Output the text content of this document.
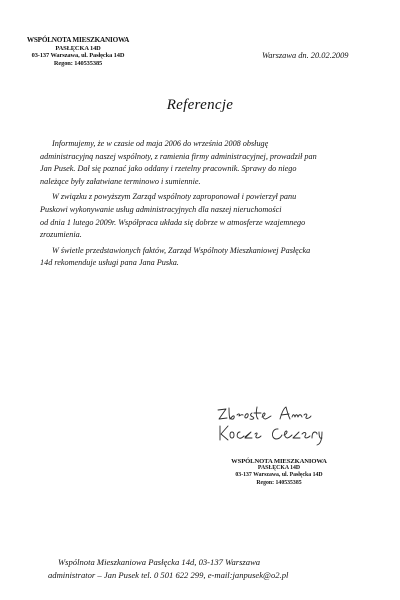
WSPÓLNOTA MIESZKANIOWA
PASŁĘCKA 14D
03-137 Warszawa, ul. Pasłęcka 14D
Regon: 140535385
Warszawa dn. 20.02.2009
Referencje
Informujemy, że w czasie od maja 2006 do września 2008 obsługę
administracyjną naszej wspólnoty, z ramienia firmy administracyjnej, prowadził pan
Jan Pusek. Dał się poznać jako oddany i rzetelny pracownik. Sprawy do niego
należące były załatwiane terminowo i sumiennie.
W związku z powyższym Zarząd wspólnoty zaproponował i powierzył panu
Puskowi wykonywanie usług administracyjnych dla naszej nieruchomości
od dnia 1 lutego 2009r. Współpraca układa się dobrze w atmosferze wzajemnego
zrozumienia.
W świetle przedstawionych faktów, Zarząd Wspólnoty Mieszkaniowej Pasłęcka
14d rekomenduje usługi pana Jana Puska.
WSPÓLNOTA MIESZKANIOWA
PASŁĘCKA 14D
03-137 Warszawa, ul. Pasłęcka 14D
Regon: 140535385
Wspólnota Mieszkaniowa Pasłęcka 14d, 03-137 Warszawa
administrator – Jan Pusek tel. 0 501 622 299, e-mail:janpusek@o2.pl
